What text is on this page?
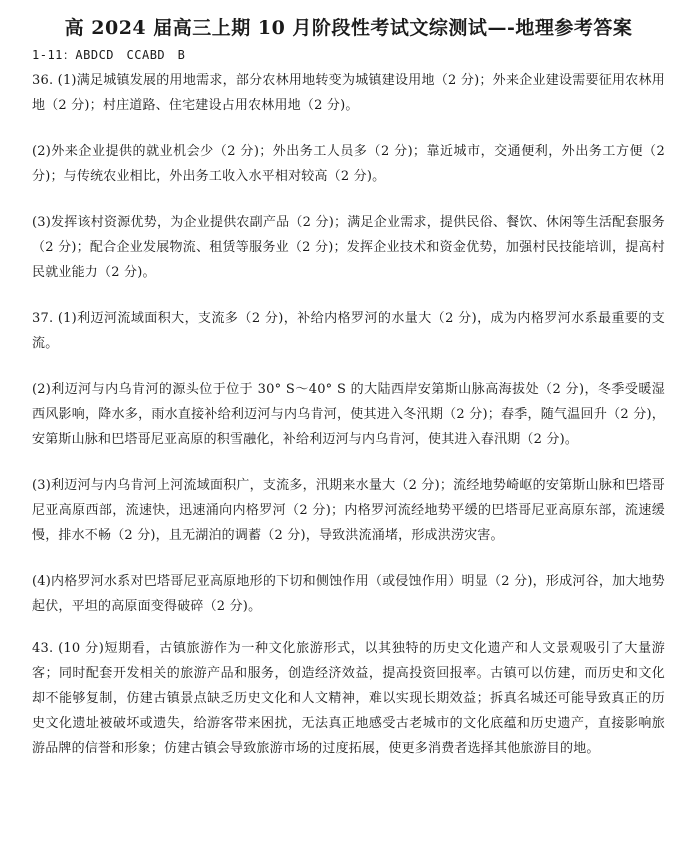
高 2024 届高三上期 10 月阶段性考试文综测试—-地理参考答案
1-11：ABDCD　CCABD　B

36. (1)满足城镇发展的用地需求，部分农林用地转变为城镇建设用地（2 分)；外来企业建设需要征用农林用地（2 分)；村庄道路、住宅建设占用农林用地（2 分)。

(2)外来企业提供的就业机会少（2 分)；外出务工人员多（2 分)；靠近城市，交通便利，外出务工方便（2 分)；与传统农业相比，外出务工收入水平相对较高（2 分)。

(3)发挥该村资源优势，为企业提供农副产品（2 分)；满足企业需求，提供民俗、餐饮、休闲等生活配套服务（2 分)；配合企业发展物流、租赁等服务业（2 分)；发挥企业技术和资金优势，加强村民技能培训，提高村民就业能力（2 分)。

37. (1)利迈河流域面积大，支流多（2 分)，补给内格罗河的水量大（2 分)，成为内格罗河水系最重要的支流。

(2)利迈河与内乌肯河的源头位于位于 30° S～40° S 的大陆西岸安第斯山脉高海拔处（2 分)，冬季受暖湿西风影响，降水多，雨水直接补给利迈河与内乌肯河，使其进入冬汛期（2 分)；春季，随气温回升（2 分)，安第斯山脉和巴塔哥尼亚高原的积雪融化，补给利迈河与内乌肯河，使其进入春汛期（2 分)。

(3)利迈河与内乌肯河上河流域面积广，支流多，汛期来水量大（2 分)；流经地势崎岖的安第斯山脉和巴塔哥尼亚高原西部，流速快，迅速涌向内格罗河（2 分)；内格罗河流经地势平缓的巴塔哥尼亚高原东部，流速缓慢，排水不畅（2 分)，且无湖泊的调蓄（2 分)，导致洪流涌堵，形成洪涝灾害。

(4)内格罗河水系对巴塔哥尼亚高原地形的下切和侧蚀作用（或侵蚀作用）明显（2 分)，形成河谷，加大地势起伏，平坦的高原面变得破碎（2 分)。

43. (10 分)短期看，古镇旅游作为一种文化旅游形式，以其独特的历史文化遗产和人文景观吸引了大量游客；同时配套开发相关的旅游产品和服务，创造经济效益，提高投资回报率。古镇可以仿建，而历史和文化却不能够复制，仿建古镇景点缺乏历史文化和人文精神，难以实现长期效益；拆真名城还可能导致真正的历史文化遗址被破坏或遗失，给游客带来困扰，无法真正地感受古老城市的文化底蕴和历史遗产，直接影响旅游品牌的信誉和形象；仿建古镇会导致旅游市场的过度拓展，使更多消费者选择其他旅游目的地。
